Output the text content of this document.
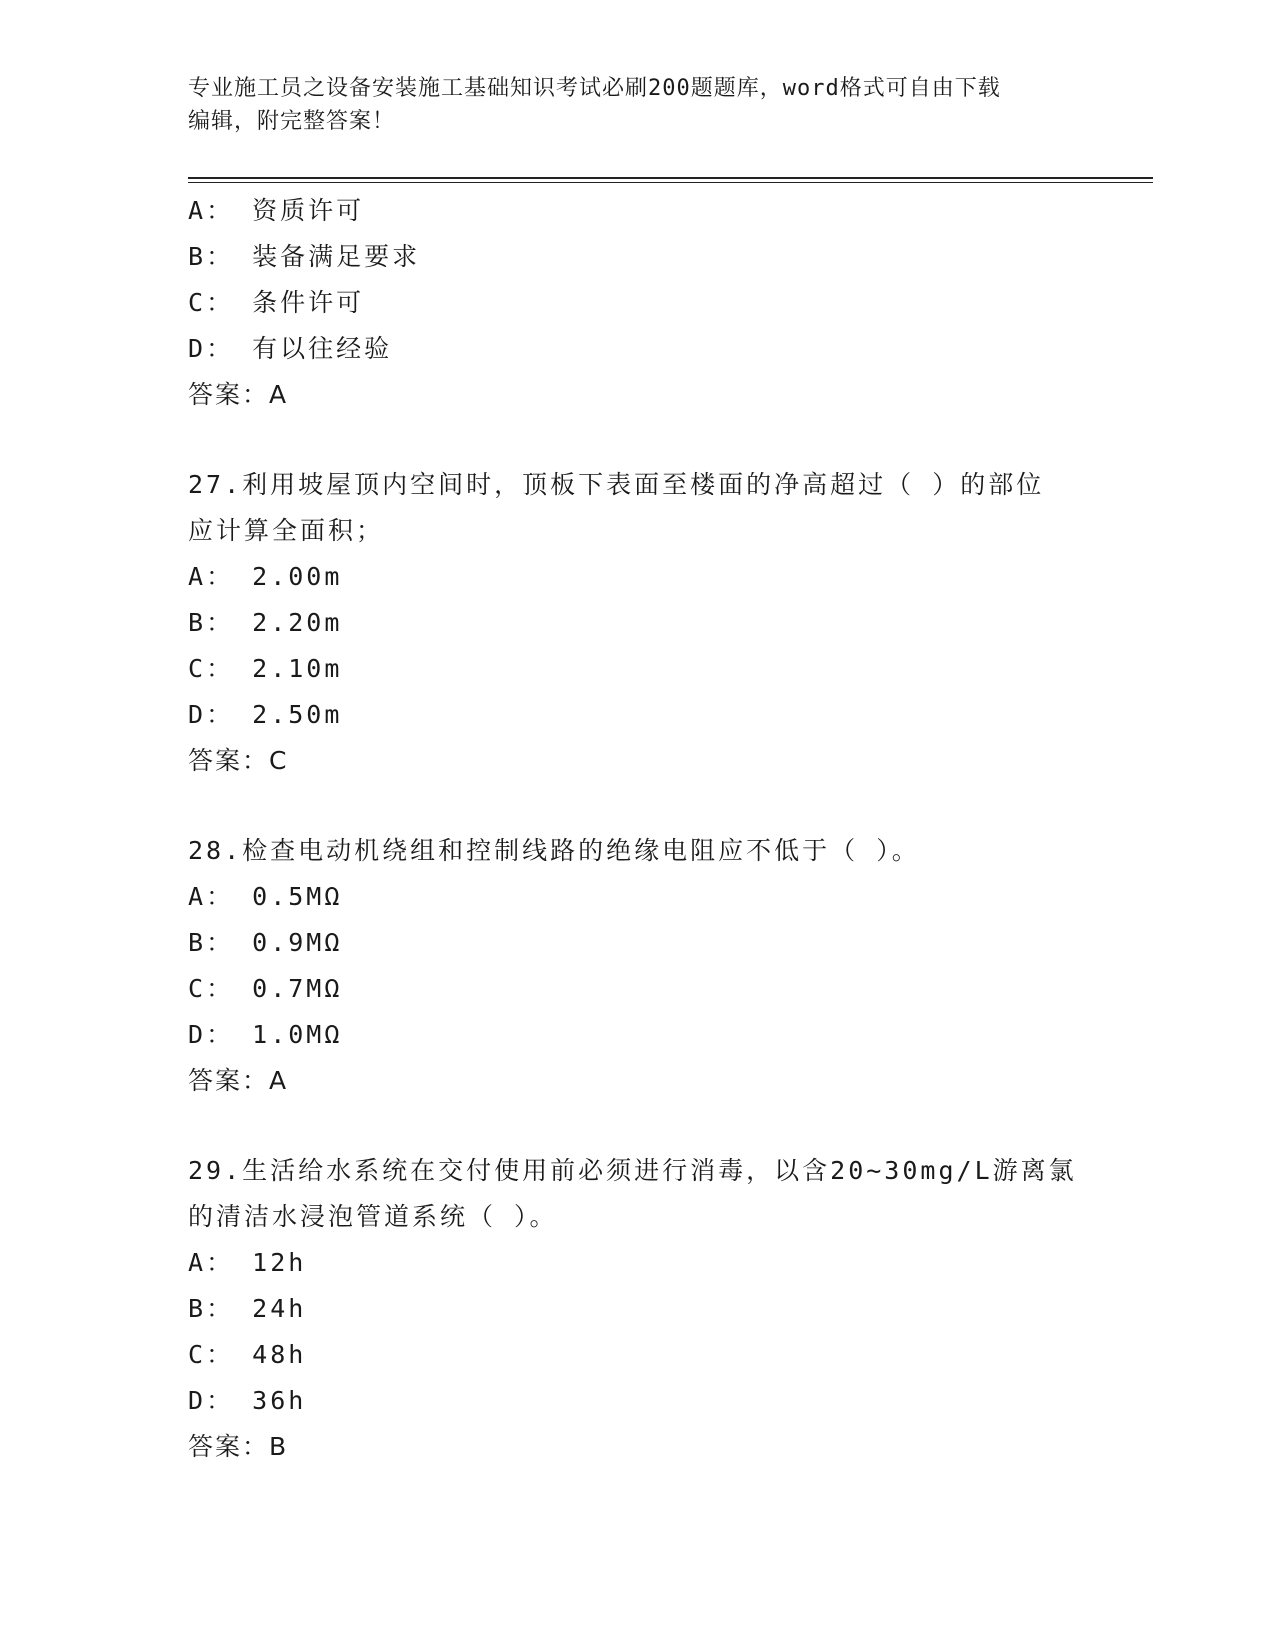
专业施工员之设备安装施工基础知识考试必刷200题题库，word格式可自由下载
编辑，附完整答案！
A： 资质许可
B： 装备满足要求
C： 条件许可
D： 有以往经验
答案：A
27.利用坡屋顶内空间时，顶板下表面至楼面的净高超过（ ）的部位
应计算全面积；
A： 2.00m
B： 2.20m
C： 2.10m
D： 2.50m
答案：C
28.检查电动机绕组和控制线路的绝缘电阻应不低于（ ）。
A： 0.5MΩ
B： 0.9MΩ
C： 0.7MΩ
D： 1.0MΩ
答案：A
29.生活给水系统在交付使用前必须进行消毒，以含20~30mg/L游离氯
的清洁水浸泡管道系统（ ）。
A： 12h
B： 24h
C： 48h
D： 36h
答案：B
